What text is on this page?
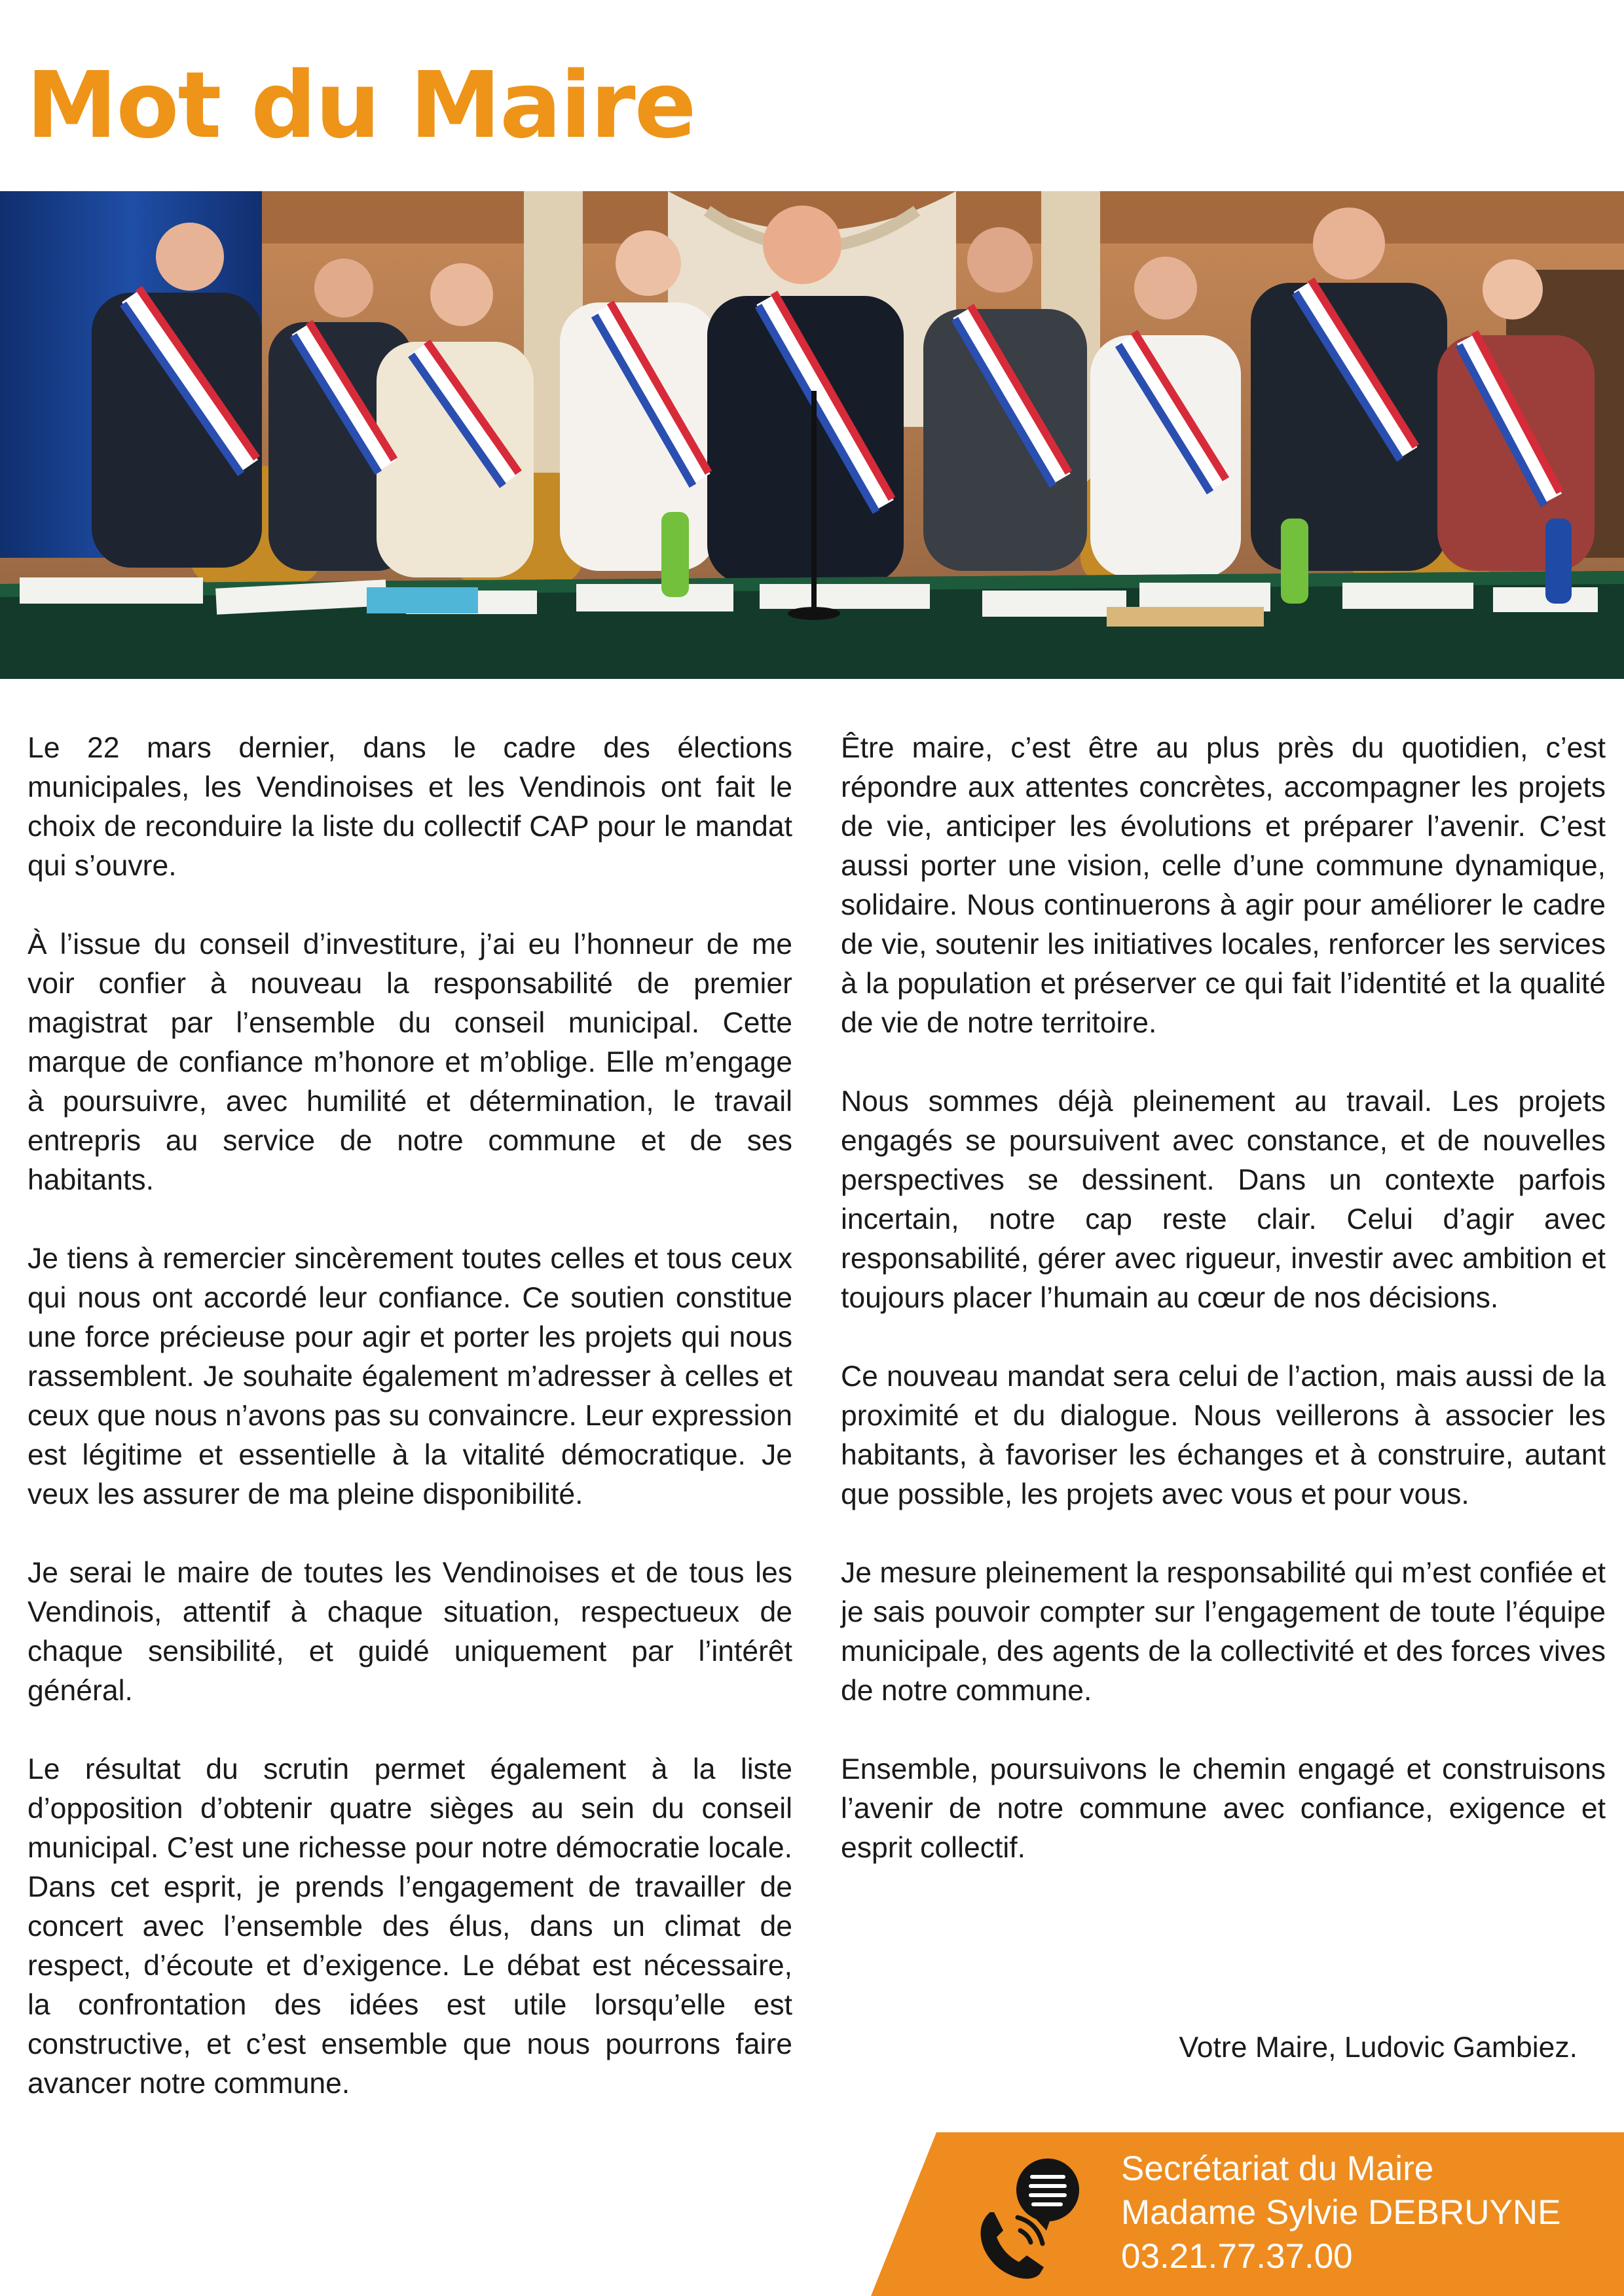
Mot du Maire

Le 22 mars dernier, dans le cadre des élections municipales, les Vendinoises et les Vendinois ont fait le choix de reconduire la liste du collectif CAP pour le mandat qui s’ouvre.

À l’issue du conseil d’investiture, j’ai eu l’honneur de me voir confier à nouveau la responsabilité de premier magistrat par l’ensemble du conseil municipal. Cette marque de confiance m’honore et m’oblige. Elle m’engage à poursuivre, avec humilité et détermination, le travail entrepris au service de notre commune et de ses habitants.

Je tiens à remercier sincèrement toutes celles et tous ceux qui nous ont accordé leur confiance. Ce soutien constitue une force précieuse pour agir et porter les projets qui nous rassemblent. Je souhaite également m’adresser à celles et ceux que nous n’avons pas su convaincre. Leur expression est légitime et essentielle à la vitalité démocratique. Je veux les assurer de ma pleine disponibilité.

Je serai le maire de toutes les Vendinoises et de tous les Vendinois, attentif à chaque situation, respectueux de chaque sensibilité, et guidé uniquement par l’intérêt général.

Le résultat du scrutin permet également à la liste d’opposition d’obtenir quatre sièges au sein du conseil municipal. C’est une richesse pour notre démocratie locale. Dans cet esprit, je prends l’engagement de travailler de concert avec l’ensemble des élus, dans un climat de respect, d’écoute et d’exigence. Le débat est nécessaire, la confrontation des idées est utile lorsqu’elle est constructive, et c’est ensemble que nous pourrons faire avancer notre commune.

Être maire, c’est être au plus près du quotidien, c’est répondre aux attentes concrètes, accompagner les projets de vie, anticiper les évolutions et préparer l’avenir. C’est aussi porter une vision, celle d’une commune dynamique, solidaire. Nous continuerons à agir pour améliorer le cadre de vie, soutenir les initiatives locales, renforcer les services à la population et préserver ce qui fait l’identité et la qualité de vie de notre territoire.

Nous sommes déjà pleinement au travail. Les projets engagés se poursuivent avec constance, et de nouvelles perspectives se dessinent. Dans un contexte parfois incertain, notre cap reste clair. Celui d’agir avec responsabilité, gérer avec rigueur, investir avec ambition et toujours placer l’humain au cœur de nos décisions.

Ce nouveau mandat sera celui de l’action, mais aussi de la proximité et du dialogue. Nous veillerons à associer les habitants, à favoriser les échanges et à construire, autant que possible, les projets avec vous et pour vous.

Je mesure pleinement la responsabilité qui m’est confiée et je sais pouvoir compter sur l’engagement de toute l’équipe municipale, des agents de la collectivité et des forces vives de notre commune.

Ensemble, poursuivons le chemin engagé et construisons l’avenir de notre commune avec confiance, exigence et esprit collectif.

Votre Maire, Ludovic Gambiez.
Secrétariat du Maire
Madame Sylvie DEBRUYNE
03.21.77.37.00
